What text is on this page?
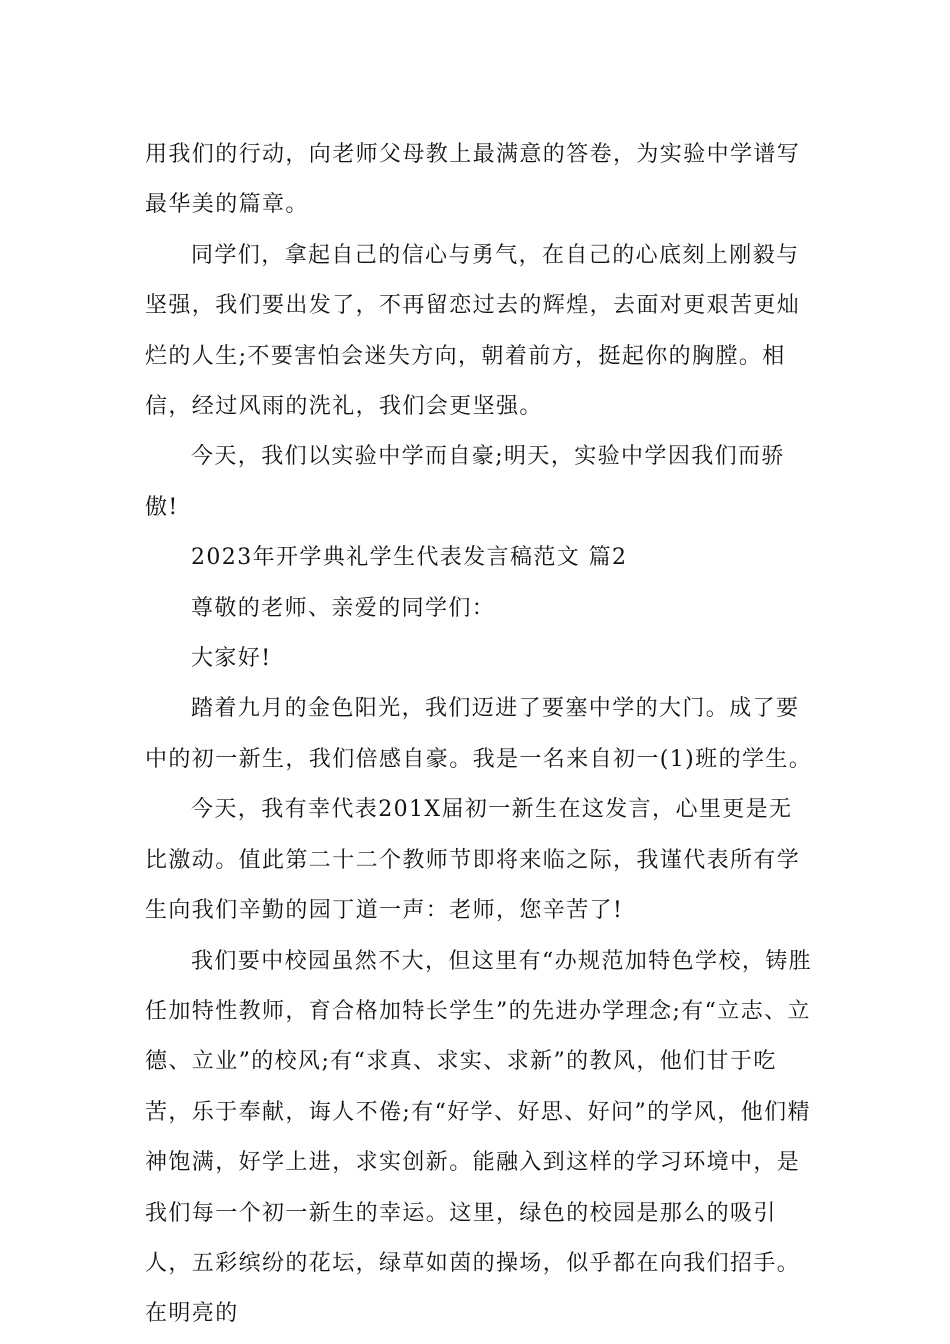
用我们的行动，向老师父母教上最满意的答卷，为实验中学谱写最华美的篇章。

同学们，拿起自己的信心与勇气，在自己的心底刻上刚毅与坚强，我们要出发了，不再留恋过去的辉煌，去面对更艰苦更灿烂的人生;不要害怕会迷失方向，朝着前方，挺起你的胸膛。相信，经过风雨的洗礼，我们会更坚强。

今天，我们以实验中学而自豪;明天，实验中学因我们而骄傲!

2023年开学典礼学生代表发言稿范文 篇2

尊敬的老师、亲爱的同学们：

大家好!

踏着九月的金色阳光，我们迈进了要塞中学的大门。成了要中的初一新生，我们倍感自豪。我是一名来自初一(1)班的学生。

今天，我有幸代表201X届初一新生在这发言，心里更是无比激动。值此第二十二个教师节即将来临之际，我谨代表所有学生向我们辛勤的园丁道一声：老师，您辛苦了!

我们要中校园虽然不大，但这里有“办规范加特色学校，铸胜任加特性教师，育合格加特长学生”的先进办学理念;有“立志、立德、立业”的校风;有“求真、求实、求新”的教风，他们甘于吃苦，乐于奉献，诲人不倦;有“好学、好思、好问”的学风，他们精神饱满，好学上进，求实创新。能融入到这样的学习环境中，是我们每一个初一新生的幸运。这里，绿色的校园是那么的吸引人，五彩缤纷的花坛，绿草如茵的操场，似乎都在向我们招手。在明亮的
